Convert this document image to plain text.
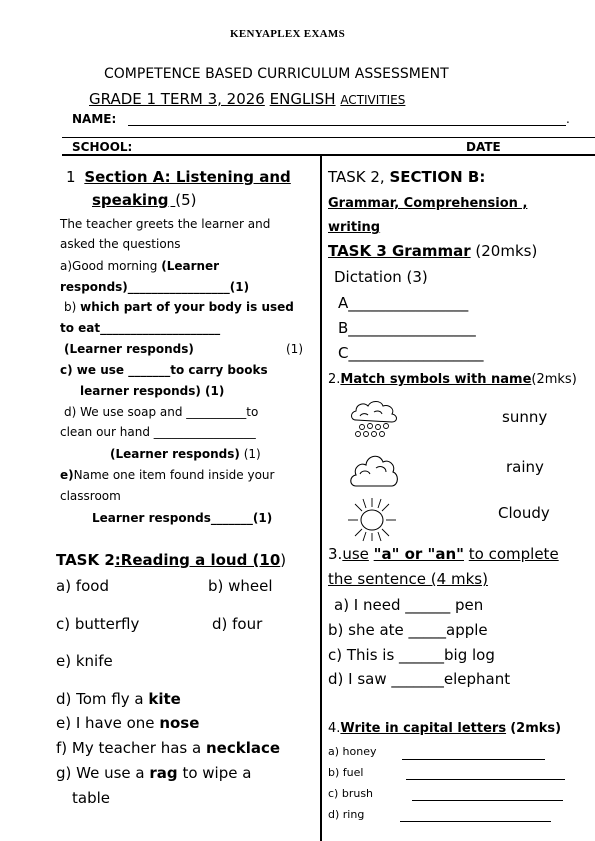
KENYAPLEX EXAMS
COMPETENCE BASED CURRICULUM ASSESSMENT
GRADE 1 TERM 3, 2026 ENGLISH ACTIVITIES
NAME:	.
SCHOOL:	DATE
1 Section A: Listening and
speaking (5)
The teacher greets the learner and
asked the questions
a)Good morning (Learner
responds)_________________(1)
b) which part of your body is used
to eat____________________
(Learner responds)	(1)
c) we use _______to carry books
learner responds) (1)
d) We use soap and __________to
clean our hand _________________
(Learner responds) (1)
e)Name one item found inside your
classroom
Learner responds_______(1)
TASK 2:Reading a loud (10)
a) food	b) wheel
c) butterfly	d) four
e) knife
d) Tom fly a kite
e) I have one nose
f) My teacher has a necklace
g) We use a rag to wipe a
table
TASK 2, SECTION B:
Grammar, Comprehension ,
writing
TASK 3 Grammar (20mks)
Dictation (3)
A________________
B_________________
C__________________
2.Match symbols with name(2mks)
sunny
rainy
Cloudy
3.use "a" or "an" to complete
the sentence (4 mks)
a) I need ______ pen
b) she ate _____apple
c) This is ______big log
d) I saw _______elephant
4.Write in capital letters (2mks)
a) honey
b) fuel
c) brush
d) ring
